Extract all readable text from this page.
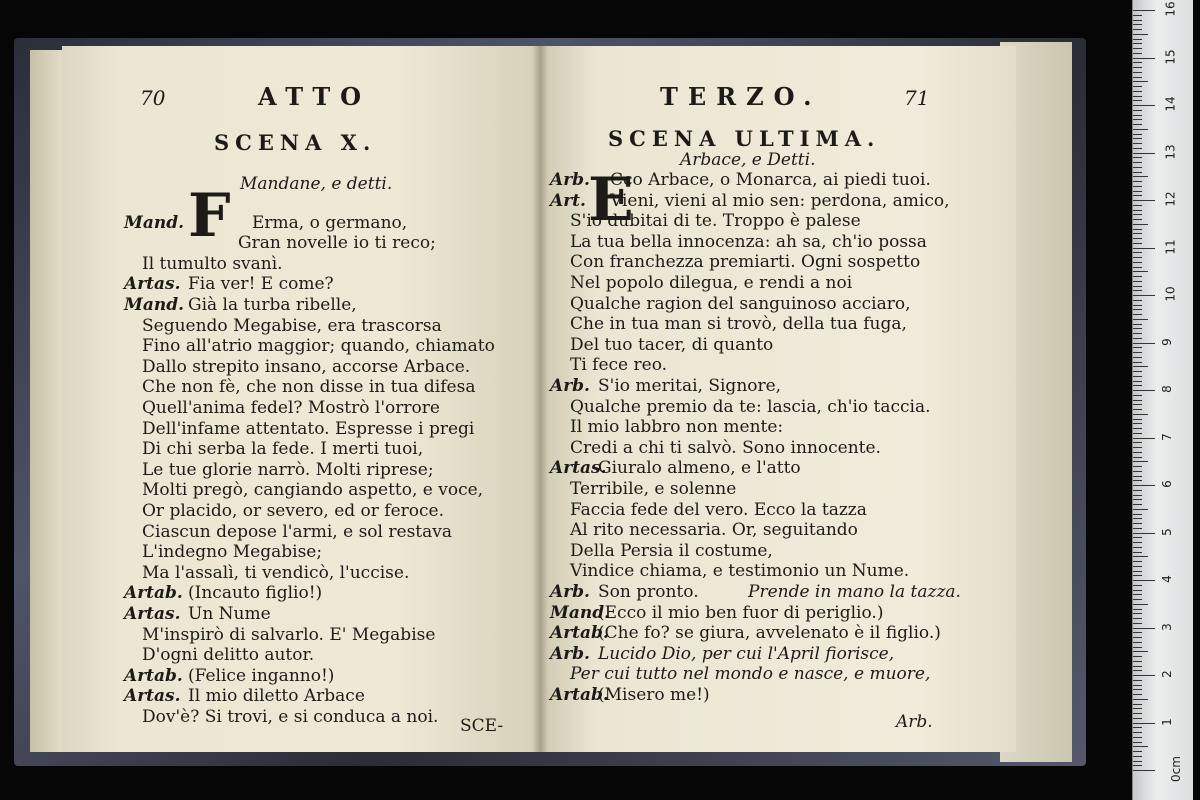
70	ATTO
SCENA X.
Mandane, e detti.
F
Mand.	Erma, o germano,
Gran novelle io ti reco;
Il tumulto svanì.
Artas. Fia ver! E come?
Mand. Già la turba ribelle,
Seguendo Megabise, era trascorsa
Fino all'atrio maggior; quando, chiamato
Dallo strepito insano, accorse Arbace.
Che non fè, che non disse in tua difesa
Quell'anima fedel? Mostrò l'orrore
Dell'infame attentato. Espresse i pregi
Di chi serba la fede. I merti tuoi,
Le tue glorie narrò. Molti riprese;
Molti pregò, cangiando aspetto, e voce,
Or placido, or severo, ed or feroce.
Ciascun depose l'armi, e sol restava
L'indegno Megabise;
Ma l'assalì, ti vendicò, l'uccise.
Artab. (Incauto figlio!)
Artas. Un Nume
M'inspirò di salvarlo. E' Megabise
D'ogni delitto autor.
Artab. (Felice inganno!)
Artas. Il mio diletto Arbace
Dov'è? Si trovi, e si conduca a noi. SCE-
TERZO.	71
SCENA ULTIMA.
Arbace, e Detti.
E
Arb. Cco Arbace, o Monarca, ai piedi tuoi.
Art. Vieni, vieni al mio sen: perdona, amico,
S'io dubitai di te. Troppo è palese
La tua bella innocenza: ah sa, ch'io possa
Con franchezza premiarti. Ogni sospetto
Nel popolo dilegua, e rendi a noi
Qualche ragion del sanguinoso acciaro,
Che in tua man si trovò, della tua fuga,
Del tuo tacer, di quanto
Ti fece reo.
Arb. S'io meritai, Signore,
Qualche premio da te: lascia, ch'io taccia.
Il mio labbro non mente:
Credi a chi ti salvò. Sono innocente.
Artas.
Giuralo almeno, e l'atto
Terribile, e solenne
Faccia fede del vero. Ecco la tazza
Al rito necessaria. Or, seguitando
Della Persia il costume,
Vindice chiama, e testimonio un Nume.
Arb. Son pronto.	Prende in mano la tazza.
Mand.
(Ecco il mio ben fuor di periglio.)
Artab.
(Che fo? se giura, avvelenato è il figlio.)
Arb. Lucido Dio, per cui l'April fiorisce,
Per cui tutto nel mondo e nasce, e muore,
Artab.
(Misero me!)
Arb.
0cm
1
2
3
4
5
6
7
8
9
10
11
12
13
14
15
16
